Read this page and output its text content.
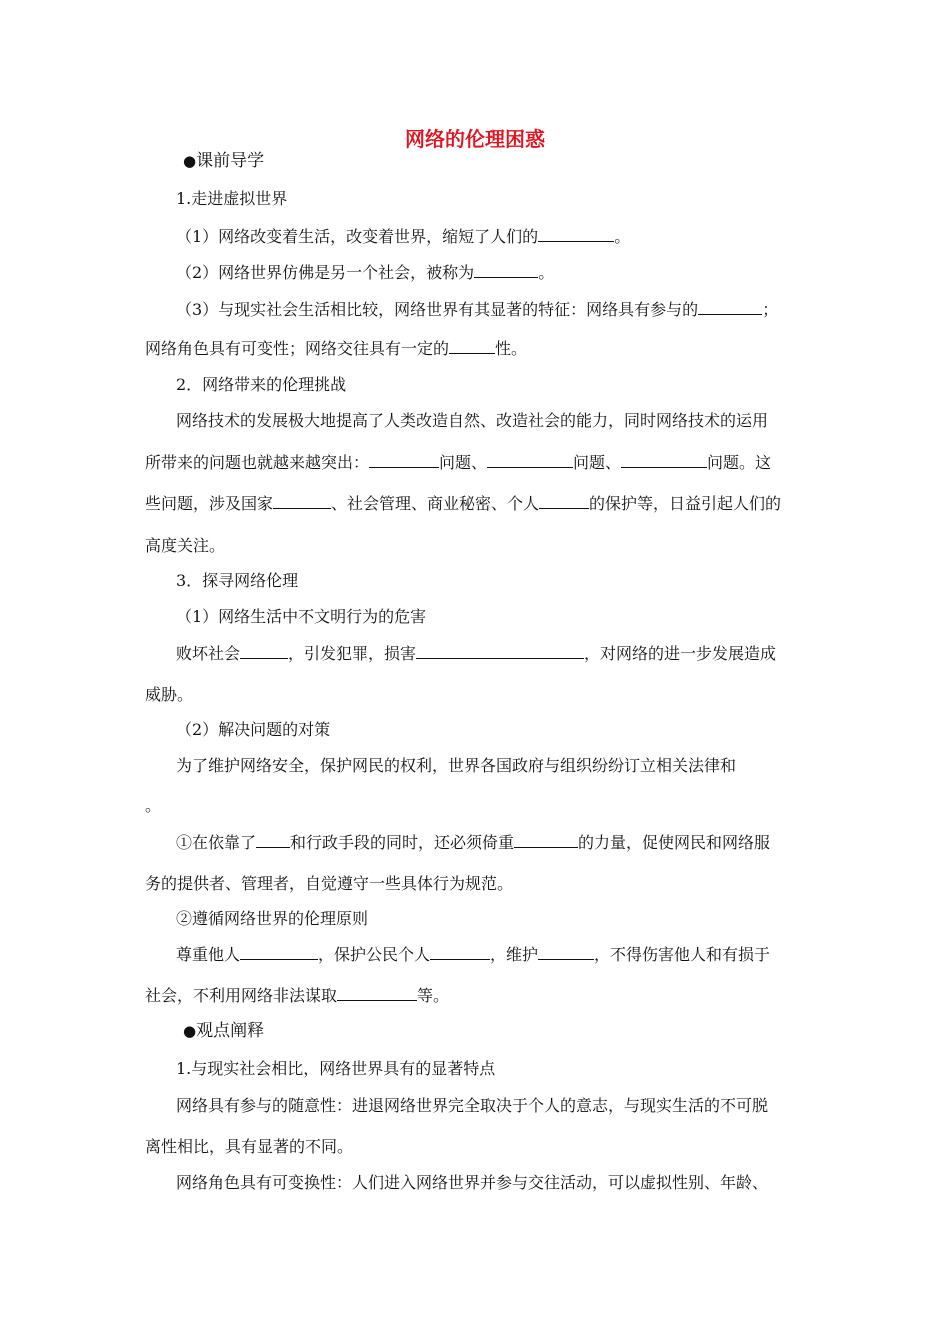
网络的伦理困惑
●课前导学
1.走进虚拟世界
（1）网络改变着生活，改变着世界，缩短了人们的	。
（2）网络世界仿佛是另一个社会，被称为	。
（3）与现实社会生活相比较，网络世界有其显著的特征：网络具有参与的	；
网络角色具有可变性；网络交往具有一定的	性。
2．网络带来的伦理挑战
网络技术的发展极大地提高了人类改造自然、改造社会的能力，同时网络技术的运用
所带来的问题也就越来越突出：	问题、	问题、	问题。这
些问题，涉及国家	、社会管理、商业秘密、个人	的保护等，日益引起人们的
高度关注。
3．探寻网络伦理
（1）网络生活中不文明行为的危害
败坏社会	，引发犯罪，损害	，对网络的进一步发展造成
威胁。
（2）解决问题的对策
为了维护网络安全，保护网民的权利，世界各国政府与组织纷纷订立相关法律和
。
①在依靠了 和行政手段的同时，还必须倚重	的力量，促使网民和网络服
务的提供者、管理者，自觉遵守一些具体行为规范。
②遵循网络世界的伦理原则
尊重他人	，保护公民个人	，维护	，不得伤害他人和有损于
社会，不利用网络非法谋取	等。
●观点阐释
1.与现实社会相比，网络世界具有的显著特点
网络具有参与的随意性：进退网络世界完全取决于个人的意志，与现实生活的不可脱
离性相比，具有显著的不同。
网络角色具有可变换性：人们进入网络世界并参与交往活动，可以虚拟性别、年龄、
